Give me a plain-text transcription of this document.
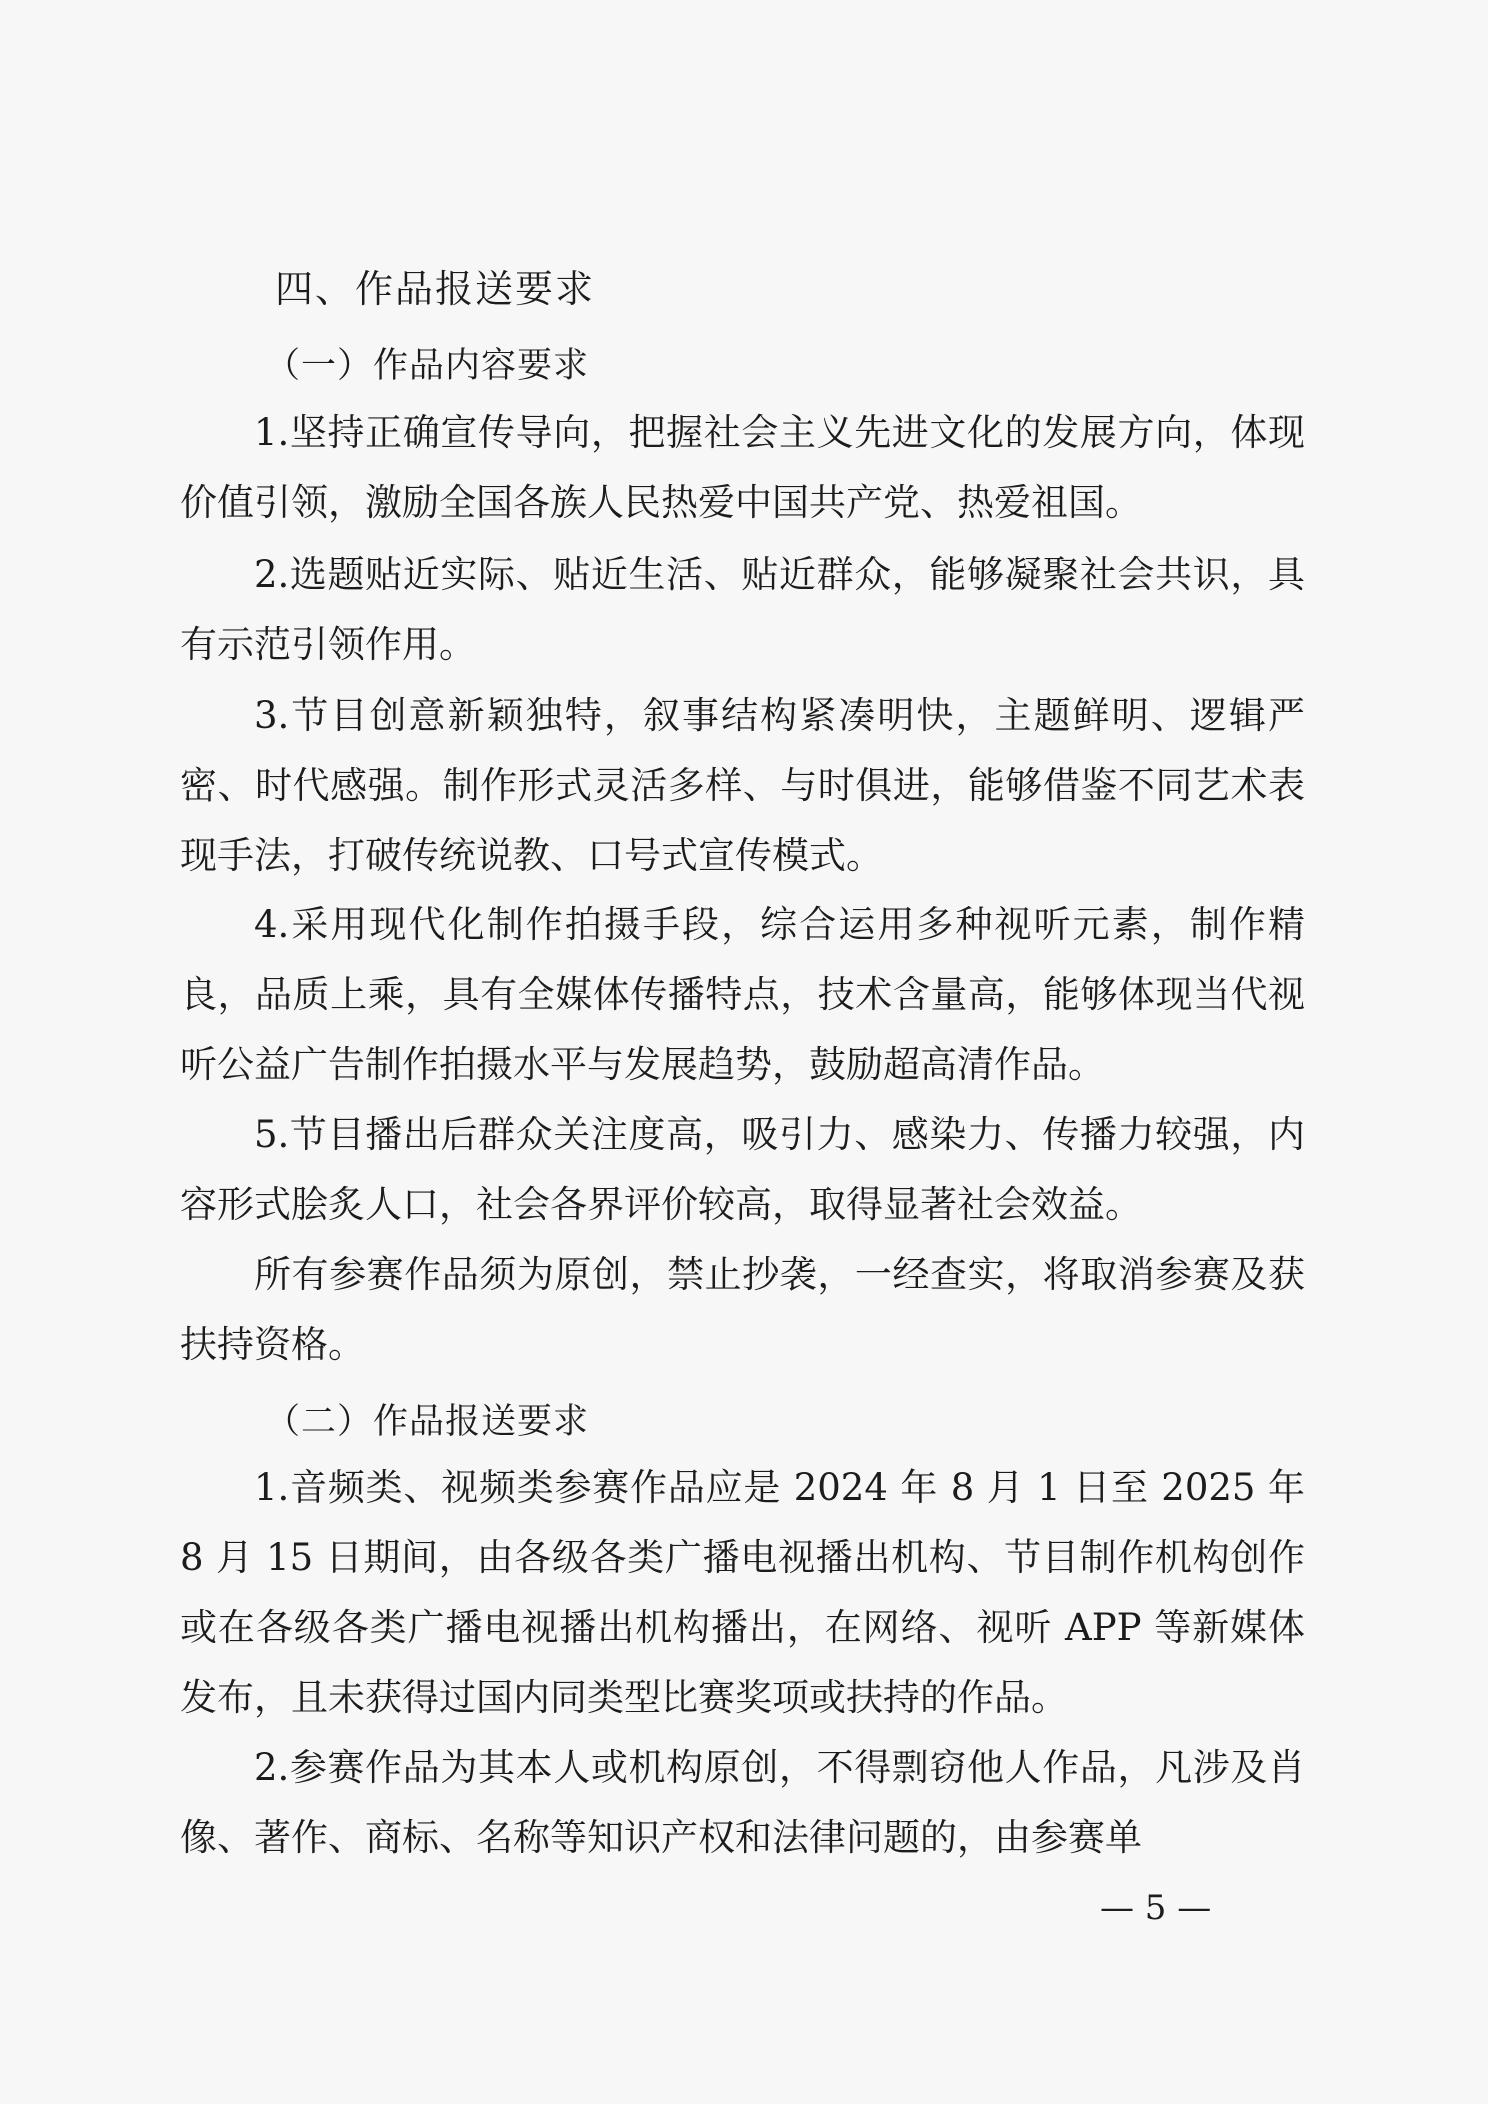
四、作品报送要求
（一）作品内容要求

1.坚持正确宣传导向，把握社会主义先进文化的发展方向，体现价值引领，激励全国各族人民热爱中国共产党、热爱祖国。

2.选题贴近实际、贴近生活、贴近群众，能够凝聚社会共识，具有示范引领作用。

3.节目创意新颖独特，叙事结构紧凑明快，主题鲜明、逻辑严密、时代感强。制作形式灵活多样、与时俱进，能够借鉴不同艺术表现手法，打破传统说教、口号式宣传模式。

4.采用现代化制作拍摄手段，综合运用多种视听元素，制作精良，品质上乘，具有全媒体传播特点，技术含量高，能够体现当代视听公益广告制作拍摄水平与发展趋势，鼓励超高清作品。

5.节目播出后群众关注度高，吸引力、感染力、传播力较强，内容形式脍炙人口，社会各界评价较高，取得显著社会效益。

所有参赛作品须为原创，禁止抄袭，一经查实，将取消参赛及获扶持资格。

（二）作品报送要求

1.音频类、视频类参赛作品应是 2024 年 8 月 1 日至 2025 年 8 月 15 日期间，由各级各类广播电视播出机构、节目制作机构创作或在各级各类广播电视播出机构播出，在网络、视听 APP 等新媒体发布，且未获得过国内同类型比赛奖项或扶持的作品。

2.参赛作品为其本人或机构原创，不得剽窃他人作品，凡涉及肖像、著作、商标、名称等知识产权和法律问题的，由参赛单

— 5 —
